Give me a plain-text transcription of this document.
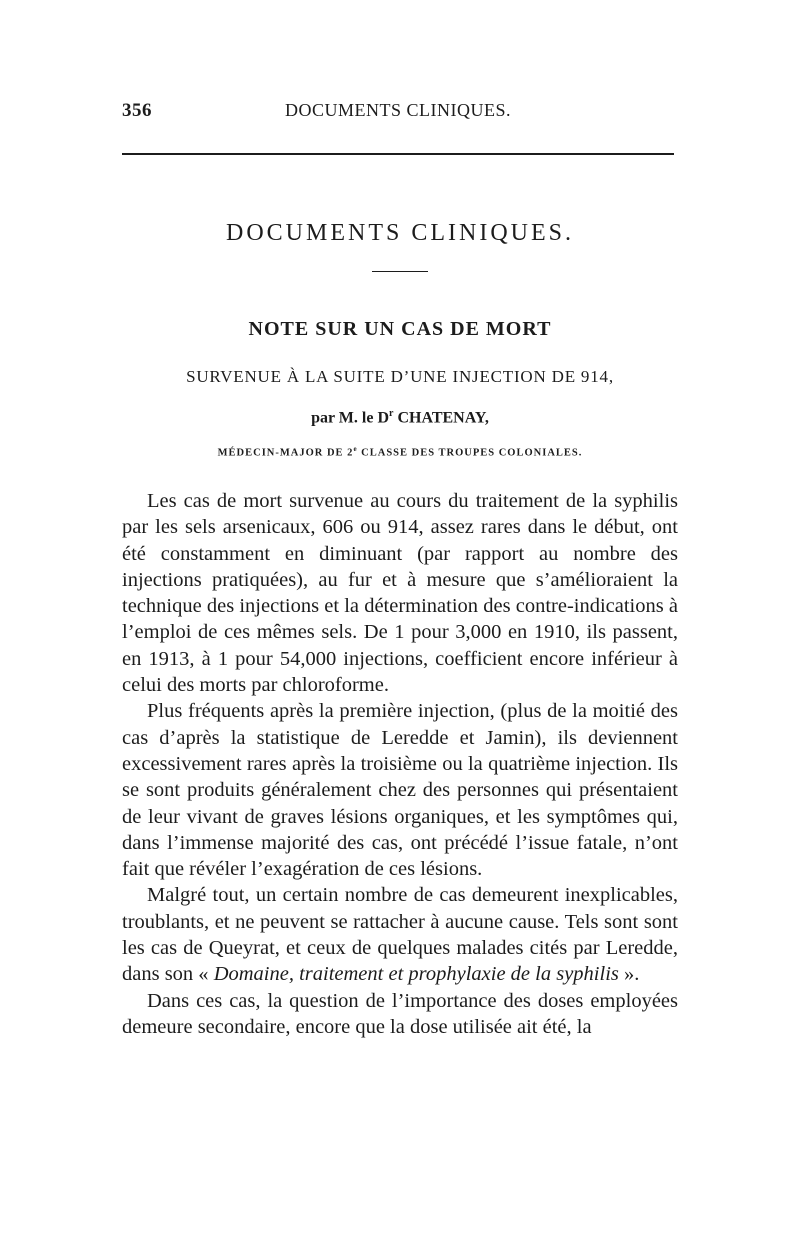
356	DOCUMENTS CLINIQUES.
DOCUMENTS CLINIQUES.
NOTE SUR UN CAS DE MORT
SURVENUE À LA SUITE D’UNE INJECTION DE 914,
par M. le $D^r$ CHATENAY,
MÉDECIN-MAJOR DE 2e CLASSE DES TROUPES COLONIALES.

Les cas de mort survenue au cours du traitement de la syphilis par les sels arsenicaux, 606 ou 914, assez rares dans le début, ont été constamment en diminuant (par rapport au nombre des injections pratiquées), au fur et à mesure que s’amélioraient la technique des injections et la détermination des contre-indications à l’emploi de ces mêmes sels. De 1 pour 3,000 en 1910, ils passent, en 1913, à 1 pour 54,000 injections, coefficient encore inférieur à celui des morts par chloroforme.

Plus fréquents après la première injection, (plus de la moitié des cas d’après la statistique de Leredde et Jamin), ils deviennent excessivement rares après la troisième ou la quatrième injection. Ils se sont produits généralement chez des personnes qui présentaient de leur vivant de graves lésions organiques, et les symptômes qui, dans l’immense majorité des cas, ont précédé l’issue fatale, n’ont fait que révéler l’exagération de ces lésions.

Malgré tout, un certain nombre de cas demeurent inexplicables, troublants, et ne peuvent se rattacher à aucune cause. Tels sont sont les cas de Queyrat, et ceux de quelques malades cités par Leredde, dans son « Domaine, traitement et prophylaxie de la syphilis ».

Dans ces cas, la question de l’importance des doses employées demeure secondaire, encore que la dose utilisée ait été, la
